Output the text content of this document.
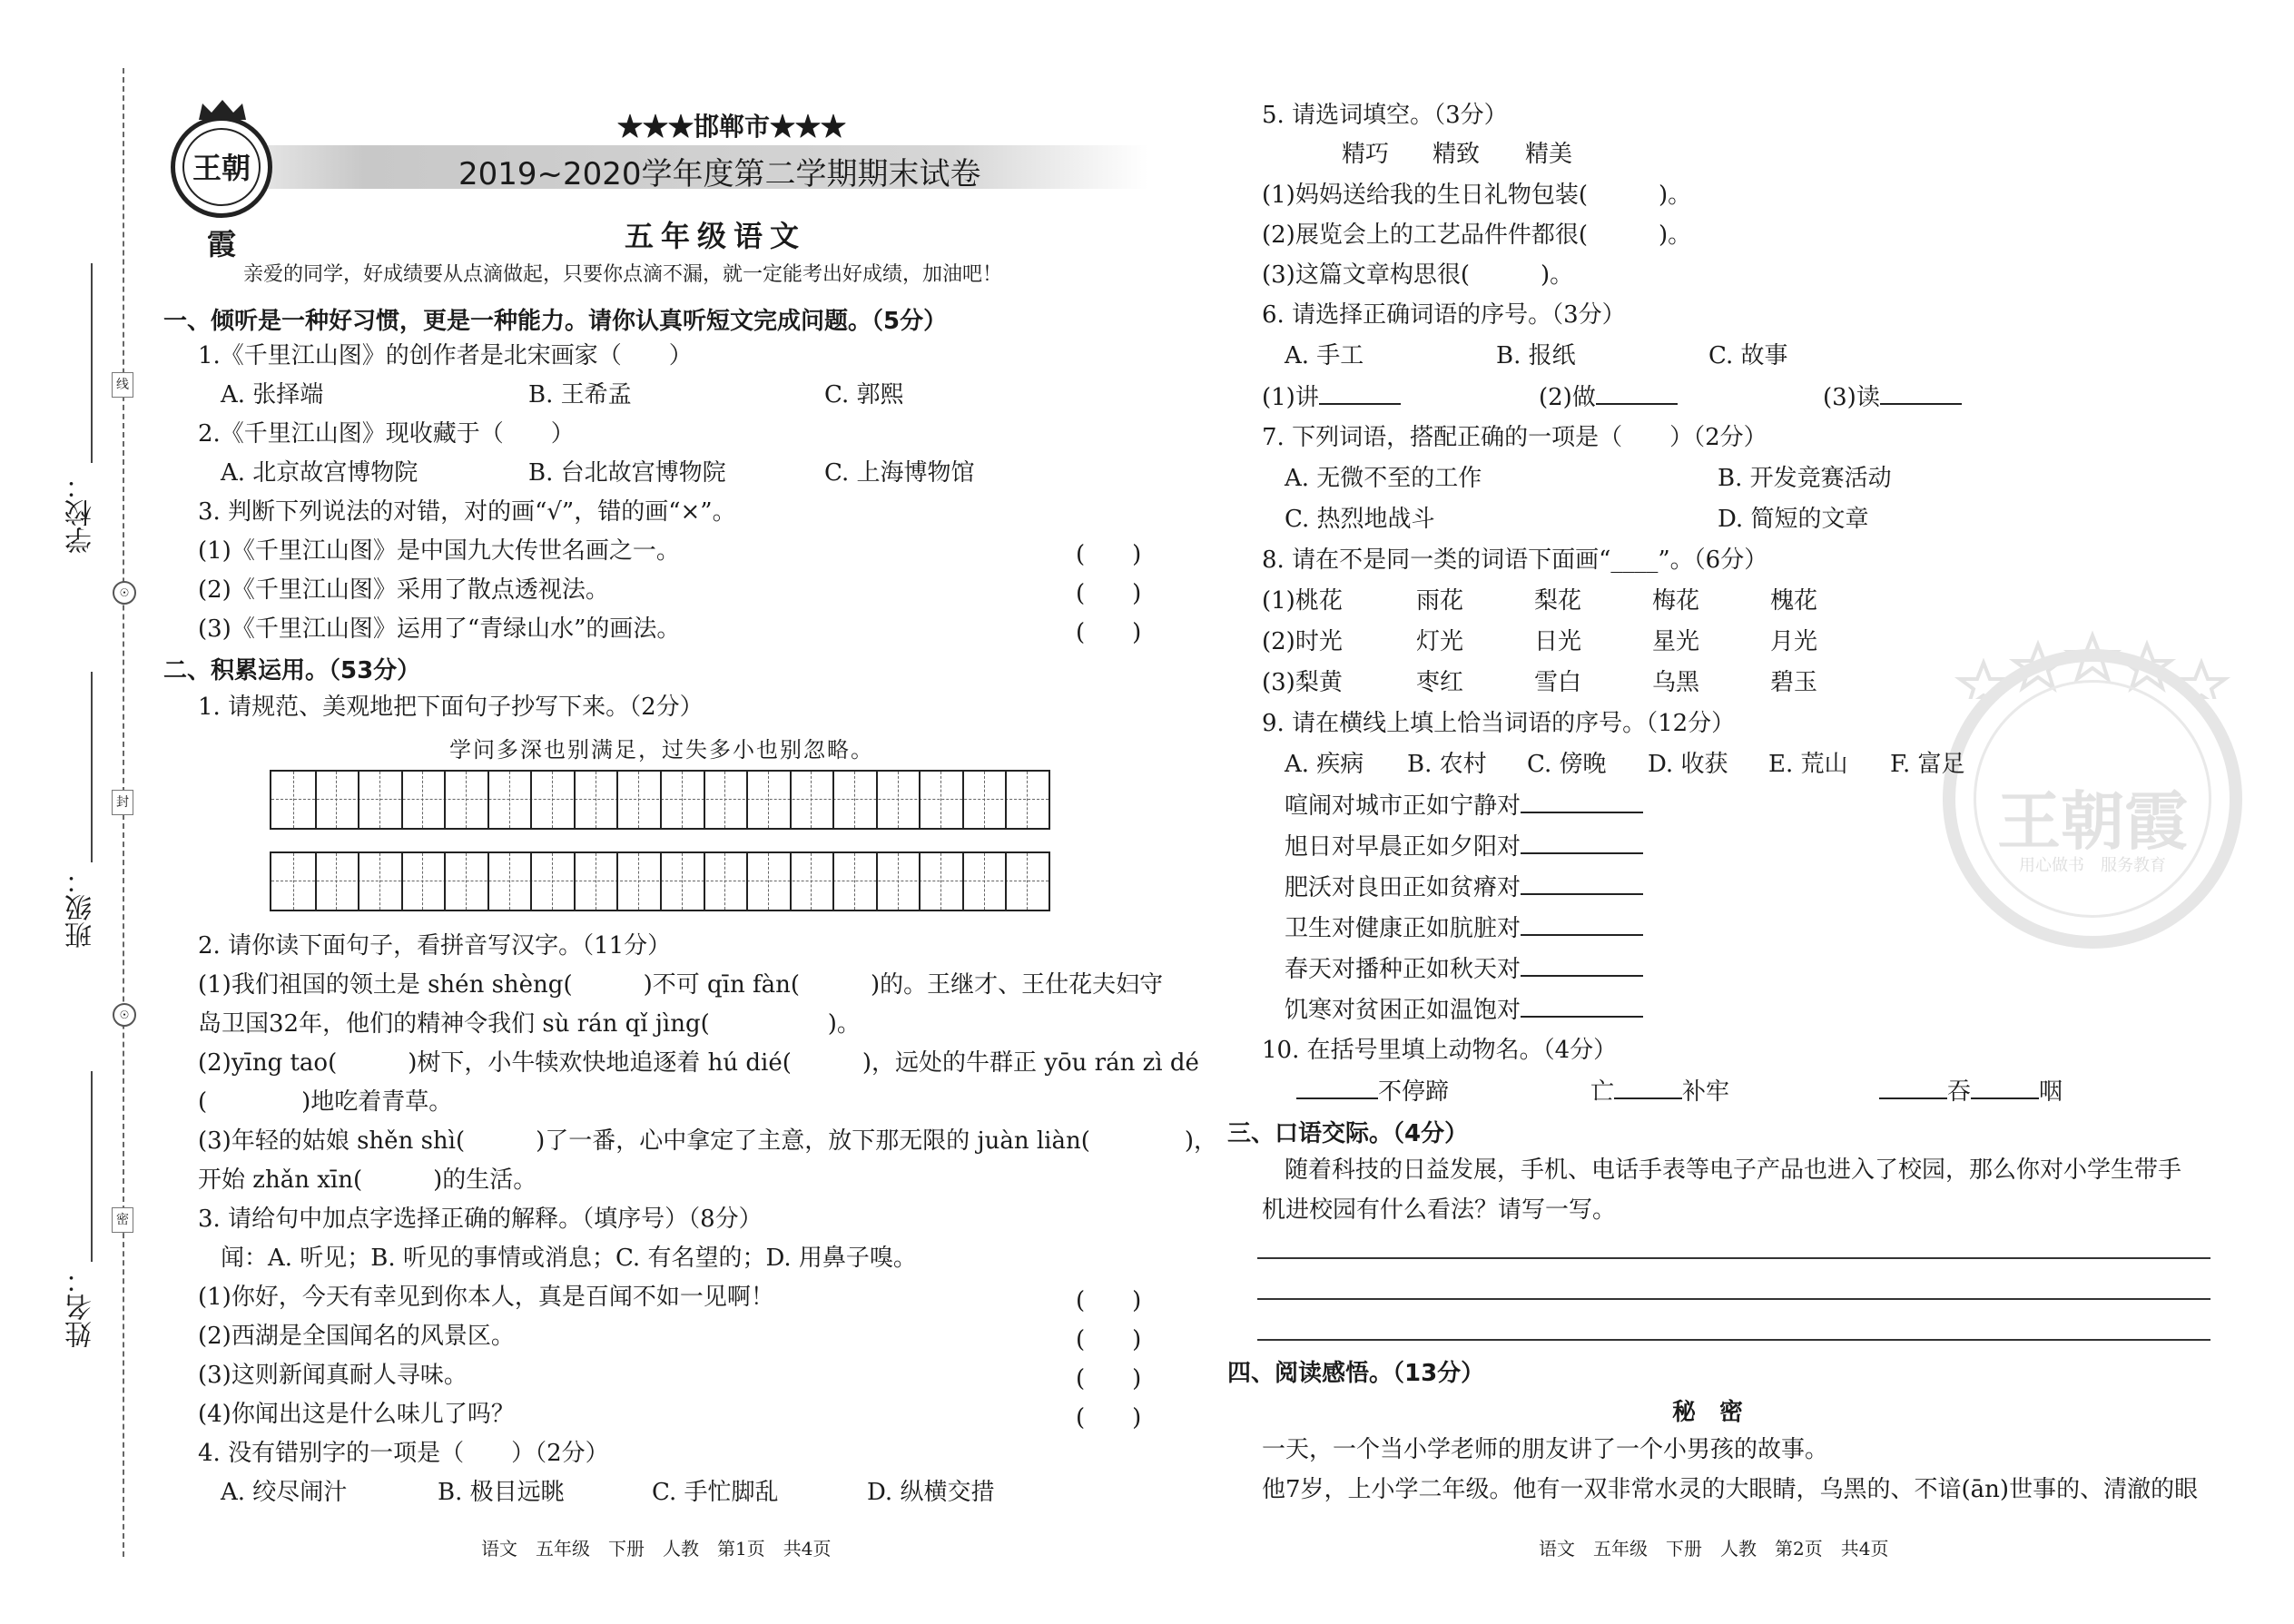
学校：
班级：
姓名：
线
封
密
☉
☉
王朝霞
★★★邯郸市★★★
2019~2020学年度第二学期期末试卷
五年级语文
亲爱的同学，好成绩要从点滴做起，只要你点滴不漏，就一定能考出好成绩，加油吧！
一、倾听是一种好习惯，更是一种能力。请你认真听短文完成问题。（5分）
1.《千里江山图》的创作者是北宋画家（　　）
A. 张择端	B. 王希孟	C. 郭熙
2.《千里江山图》现收藏于（　　）
A. 北京故宫博物院	B. 台北故宫博物院	C. 上海博物馆
3. 判断下列说法的对错，对的画“√”，错的画“×”。
(1)《千里江山图》是中国九大传世名画之一。	(　　)
(2)《千里江山图》采用了散点透视法。	(　　)
(3)《千里江山图》运用了“青绿山水”的画法。	(　　)
二、积累运用。（53分）
1. 请规范、美观地把下面句子抄写下来。（2分）
学问多深也别满足，过失多小也别忽略。
2. 请你读下面句子，看拼音写汉字。（11分）
(1)我们祖国的领土是 shén shèng(　　　)不可 qīn fàn(　　　)的。王继才、王仕花夫妇守
岛卫国32年，他们的精神令我们 sù rán qǐ jìng(　　　　　)。
(2)yīng tao(　　　)树下，小牛犊欢快地追逐着 hú dié(　　　)，远处的牛群正 yōu rán zì dé
(　　　　)地吃着青草。
(3)年轻的姑娘 shěn shì(　　　)了一番，心中拿定了主意，放下那无限的 juàn liàn(　　　　)，
开始 zhǎn xīn(　　　)的生活。
3. 请给句中加点字选择正确的解释。（填序号）（8分）
闻：A. 听见；B. 听见的事情或消息；C. 有名望的；D. 用鼻子嗅。
(1)你好，今天有幸见到你本人，真是百闻不如一见啊！	(　　)
(2)西湖是全国闻名的风景区。	(　　)
(3)这则新闻真耐人寻味。	(　　)
(4)你闻出这是什么味儿了吗？	(　　)
4. 没有错别字的一项是（　　）（2分）
A. 绞尽闹汁	B. 极目远眺	C. 手忙脚乱	D. 纵横交措
语文　五年级　下册　人教　第1页　共4页
5. 请选词填空。（3分）
精巧 精致 精美
(1)妈妈送给我的生日礼物包装(　　　)。
(2)展览会上的工艺品件件都很(　　　)。
(3)这篇文章构思很(　　　)。
6. 请选择正确词语的序号。（3分）
A. 手工	B. 报纸	C. 故事
(1)讲	(2)做	(3)读
7. 下列词语，搭配正确的一项是（　　）（2分）
A. 无微不至的工作	B. 开发竞赛活动
C. 热烈地战斗	D. 简短的文章
8. 请在不是同一类的词语下面画“____”。（6分）
(1)桃花	雨花	梨花	梅花	槐花
(2)时光	灯光	日光	星光	月光
(3)梨黄	枣红	雪白	乌黑	碧玉
王朝霞
用心做书　服务教育
9. 请在横线上填上恰当词语的序号。（12分）
A. 疾病 B. 农村 C. 傍晚 D. 收获 E. 荒山 F. 富足
喧闹对城市正如宁静对
旭日对早晨正如夕阳对
肥沃对良田正如贫瘠对
卫生对健康正如肮脏对
春天对播种正如秋天对
饥寒对贫困正如温饱对
10. 在括号里填上动物名。（4分）
不停蹄	亡	补牢	吞	咽
三、口语交际。（4分）
随着科技的日益发展，手机、电话手表等电子产品也进入了校园，那么你对小学生带手
机进校园有什么看法？请写一写。
四、阅读感悟。（13分）
秘　密
一天，一个当小学老师的朋友讲了一个小男孩的故事。
他7岁，上小学二年级。他有一双非常水灵的大眼睛，乌黑的、不谙(ān)世事的、清澈的眼
语文　五年级　下册　人教　第2页　共4页
